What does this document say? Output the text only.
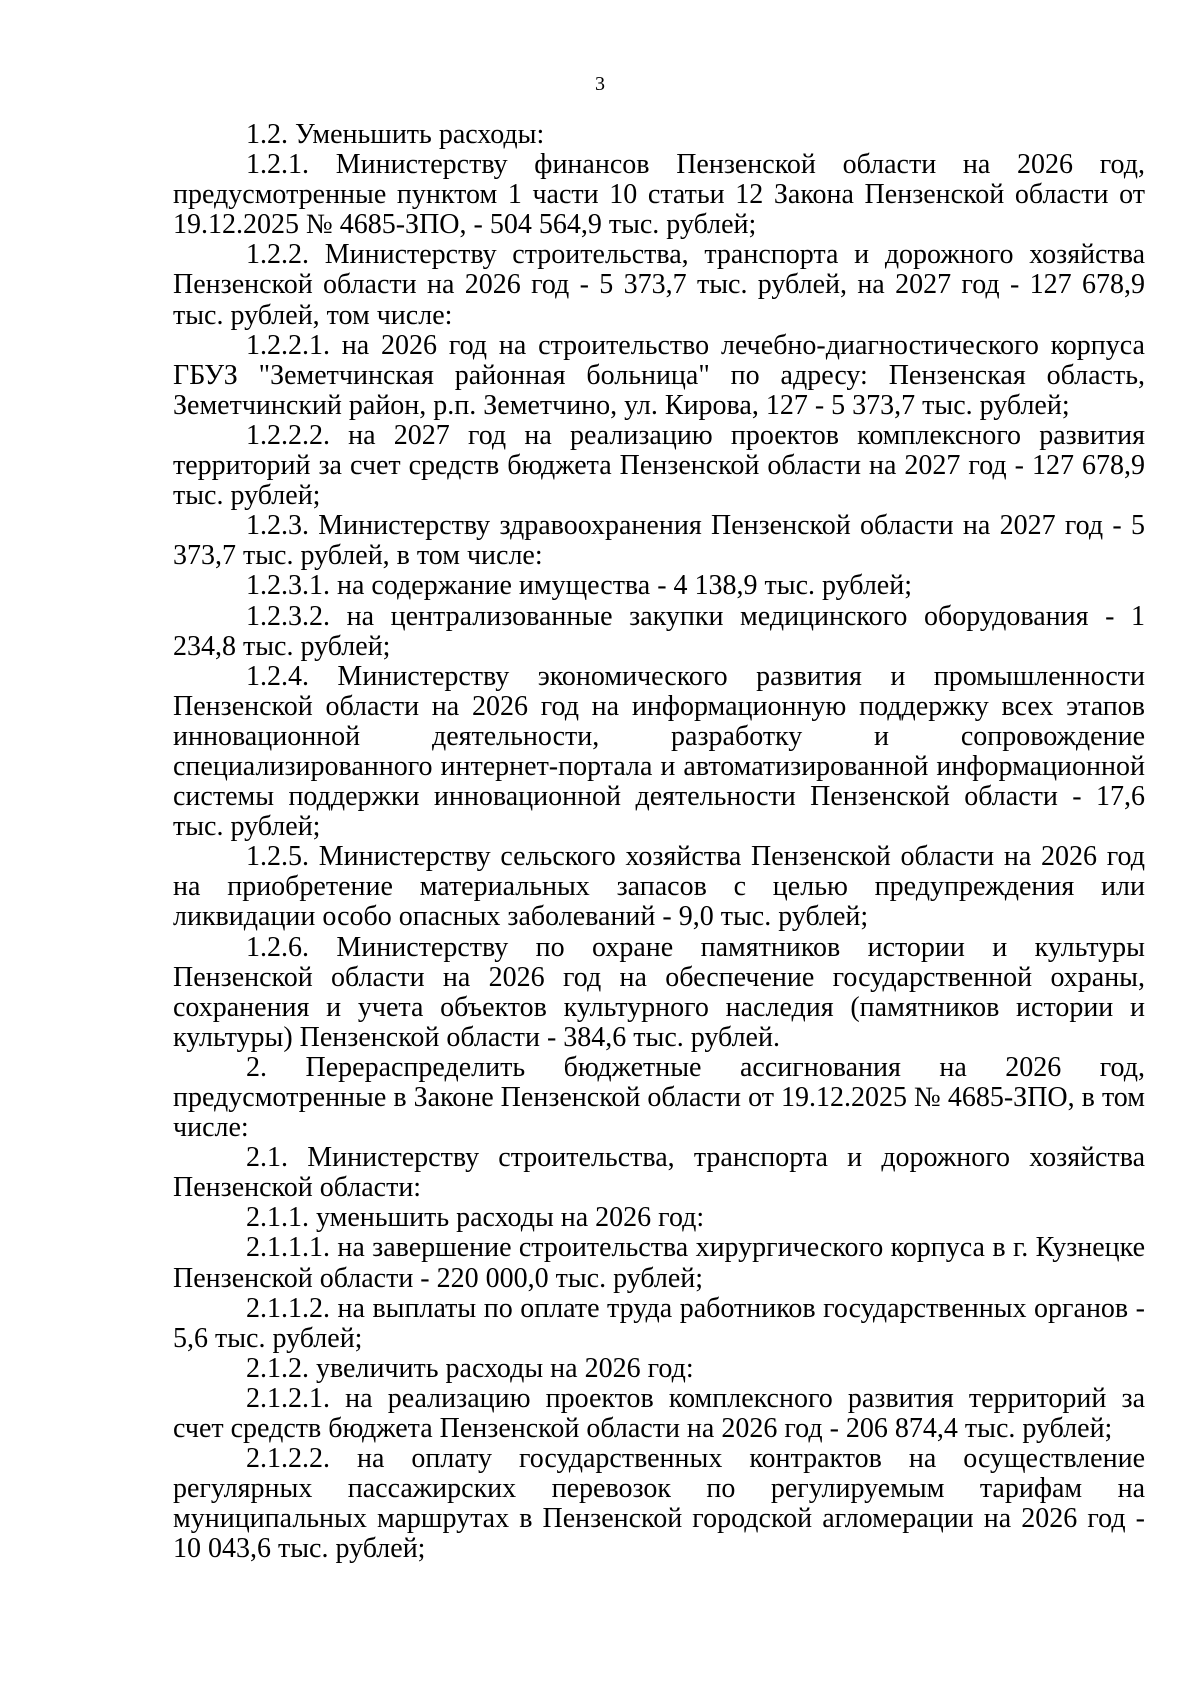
3

1.2. Уменьшить расходы:

1.2.1. Министерству финансов Пензенской области на 2026 год, предусмотренные пунктом 1 части 10 статьи 12 Закона Пензенской области от 19.12.2025 № 4685-ЗПО, - 504 564,9 тыс. рублей;

1.2.2. Министерству строительства, транспорта и дорожного хозяйства Пензенской области на 2026 год - 5 373,7 тыс. рублей, на 2027 год - 127 678,9 тыс. рублей, том числе:

1.2.2.1. на 2026 год на строительство лечебно-диагностического корпуса ГБУЗ "Земетчинская районная больница" по адресу: Пензенская область, Земетчинский район, р.п. Земетчино, ул. Кирова, 127 - 5 373,7 тыс. рублей;

1.2.2.2. на 2027 год на реализацию проектов комплексного развития территорий за счет средств бюджета Пензенской области на 2027 год - 127 678,9 тыс. рублей;

1.2.3. Министерству здравоохранения Пензенской области на 2027 год - 5 373,7 тыс. рублей, в том числе:

1.2.3.1. на содержание имущества - 4 138,9 тыс. рублей;

1.2.3.2. на централизованные закупки медицинского оборудования - 1 234,8 тыс. рублей;

1.2.4. Министерству экономического развития и промышленности Пензенской области на 2026 год на информационную поддержку всех этапов инновационной деятельности, разработку и сопровождение специализированного интернет-портала и автоматизированной информационной системы поддержки инновационной деятельности Пензенской области - 17,6 тыс. рублей;

1.2.5. Министерству сельского хозяйства Пензенской области на 2026 год на приобретение материальных запасов с целью предупреждения или ликвидации особо опасных заболеваний - 9,0 тыс. рублей;

1.2.6. Министерству по охране памятников истории и культуры Пензенской области на 2026 год на обеспечение государственной охраны, сохранения и учета объектов культурного наследия (памятников истории и культуры) Пензенской области - 384,6 тыс. рублей.

2. Перераспределить бюджетные ассигнования на 2026 год, предусмотренные в Законе Пензенской области от 19.12.2025 № 4685-ЗПО, в том числе:

2.1. Министерству строительства, транспорта и дорожного хозяйства Пензенской области:

2.1.1. уменьшить расходы на 2026 год:

2.1.1.1. на завершение строительства хирургического корпуса в г. Кузнецке Пензенской области - 220 000,0 тыс. рублей;

2.1.1.2. на выплаты по оплате труда работников государственных органов - 5,6 тыс. рублей;

2.1.2. увеличить расходы на 2026 год:

2.1.2.1. на реализацию проектов комплексного развития территорий за счет средств бюджета Пензенской области на 2026 год - 206 874,4 тыс. рублей;

2.1.2.2. на оплату государственных контрактов на осуществление регулярных пассажирских перевозок по регулируемым тарифам на муниципальных маршрутах в Пензенской городской агломерации на 2026 год - 10 043,6 тыс. рублей;
